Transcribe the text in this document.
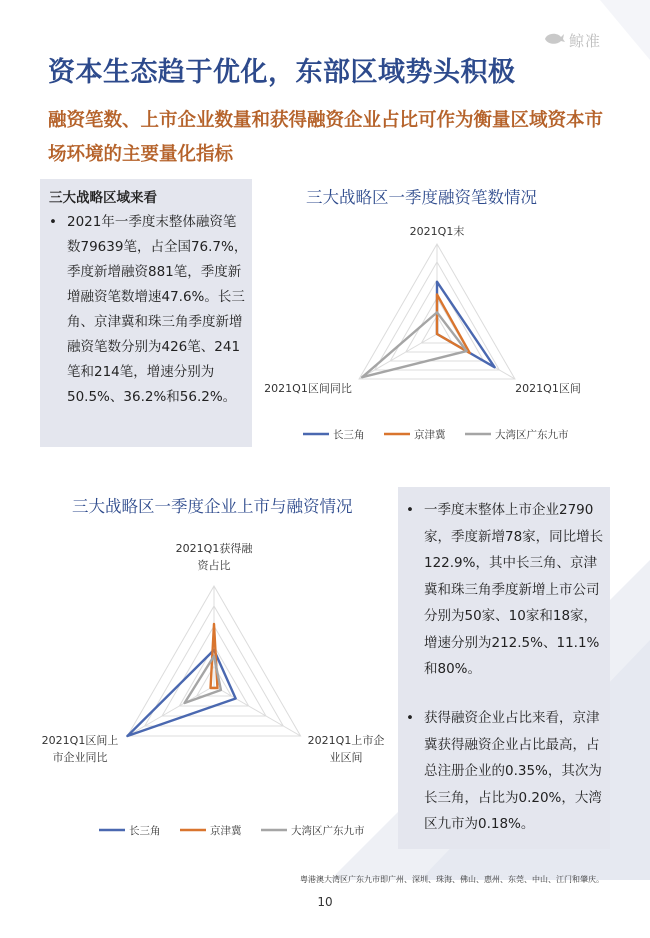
鲸准
资本生态趋于优化，东部区域势头积极
融资笔数、上市企业数量和获得融资企业占比可作为衡量区域资本市场环境的主要量化指标
三大战略区域来看
• 2021年一季度末整体融资笔数79639笔，占全国76.7%，季度新增融资881笔，季度新增融资笔数增速47.6%。长三角、京津冀和珠三角季度新增融资笔数分别为426笔、241笔和214笔，增速分别为50.5%、36.2%和56.2%。
• 一季度末整体上市企业2790家，季度新增78家，同比增长122.9%，其中长三角、京津冀和珠三角季度新增上市公司分别为50家、10家和18家，增速分别为212.5%、11.1%和80%。
• 获得融资企业占比来看，京津冀获得融资企业占比最高，占总注册企业的0.35%，其次为长三角，占比为0.20%，大湾区九市为0.18%。
三大战略区一季度融资笔数情况
2021Q1末
2021Q1区间
2021Q1区间同比
长三角	京津冀	大湾区广东九市
三大战略区一季度企业上市与融资情况
2021Q1获得融
资占比
2021Q1上市企
业区间
2021Q1区间上
市企业同比
长三角	京津冀	大湾区广东九市
粤港澳大湾区广东九市即广州、深圳、珠海、佛山、惠州、东莞、中山、江门和肇庆。
10
